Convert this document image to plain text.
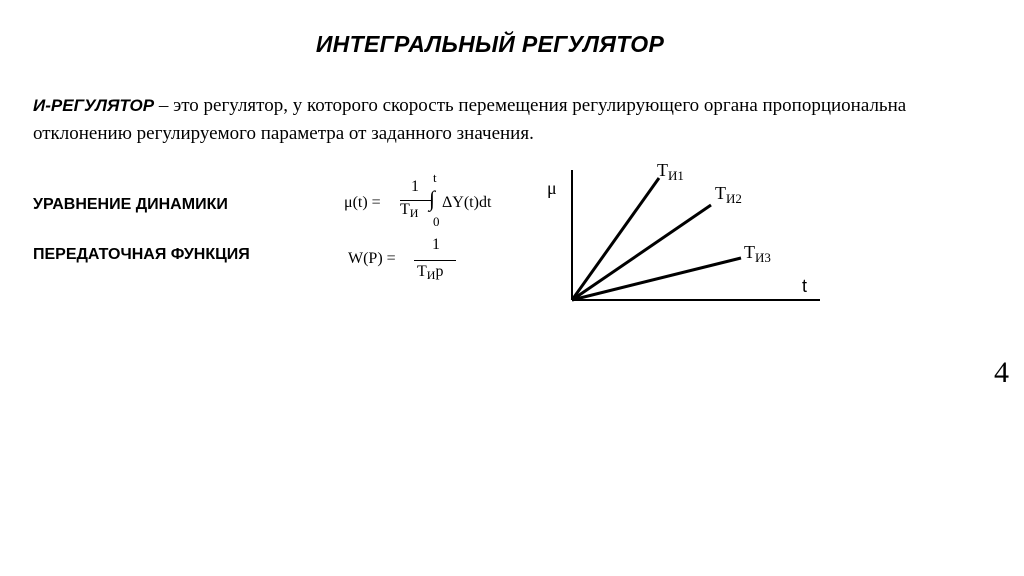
ИНТЕГРАЛЬНЫЙ РЕГУЛЯТОР
И-РЕГУЛЯТОР – это регулятор, у которого скорость перемещения регулирующего органа пропорциональна отклонению регулируемого параметра от заданного значения.
УРАВНЕНИЕ ДИНАМИКИ
ПЕРЕДАТОЧНАЯ ФУНКЦИЯ
μ(t) =
1
$T_И$
t
∫
0
ΔY(t)dt
W(P) =
1
$T_Иp$
μ
t
$T_{И1}$
$T_{И2}$
$T_{И3}$
4
